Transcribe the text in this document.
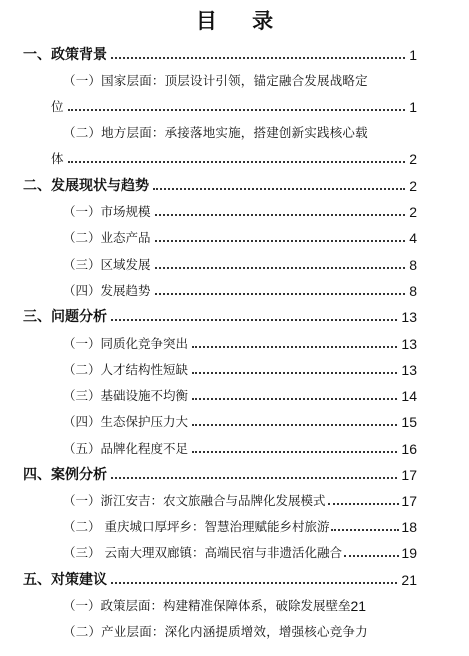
目 录
一、政策背景	1
（一）国家层面：顶层设计引领，锚定融合发展战略定
位	1
（二）地方层面：承接落地实施，搭建创新实践核心载
体	2
二、发展现状与趋势	2
（一）市场规模	2
（二）业态产品	4
（三）区域发展	8
（四）发展趋势	8
三、问题分析	13
（一）同质化竞争突出	13
（二）人才结构性短缺	13
（三）基础设施不均衡	14
（四）生态保护压力大	15
（五）品牌化程度不足	16
四、案例分析	17
（一）浙江安吉：农文旅融合与品牌化发展模式	17
（二） 重庆城口厚坪乡：智慧治理赋能乡村旅游	18
（三） 云南大理双廊镇：高端民宿与非遗活化融合	19
五、对策建议	21
（一）政策层面：构建精准保障体系，破除发展壁垒 21
（二）产业层面：深化内涵提质增效，增强核心竞争力
